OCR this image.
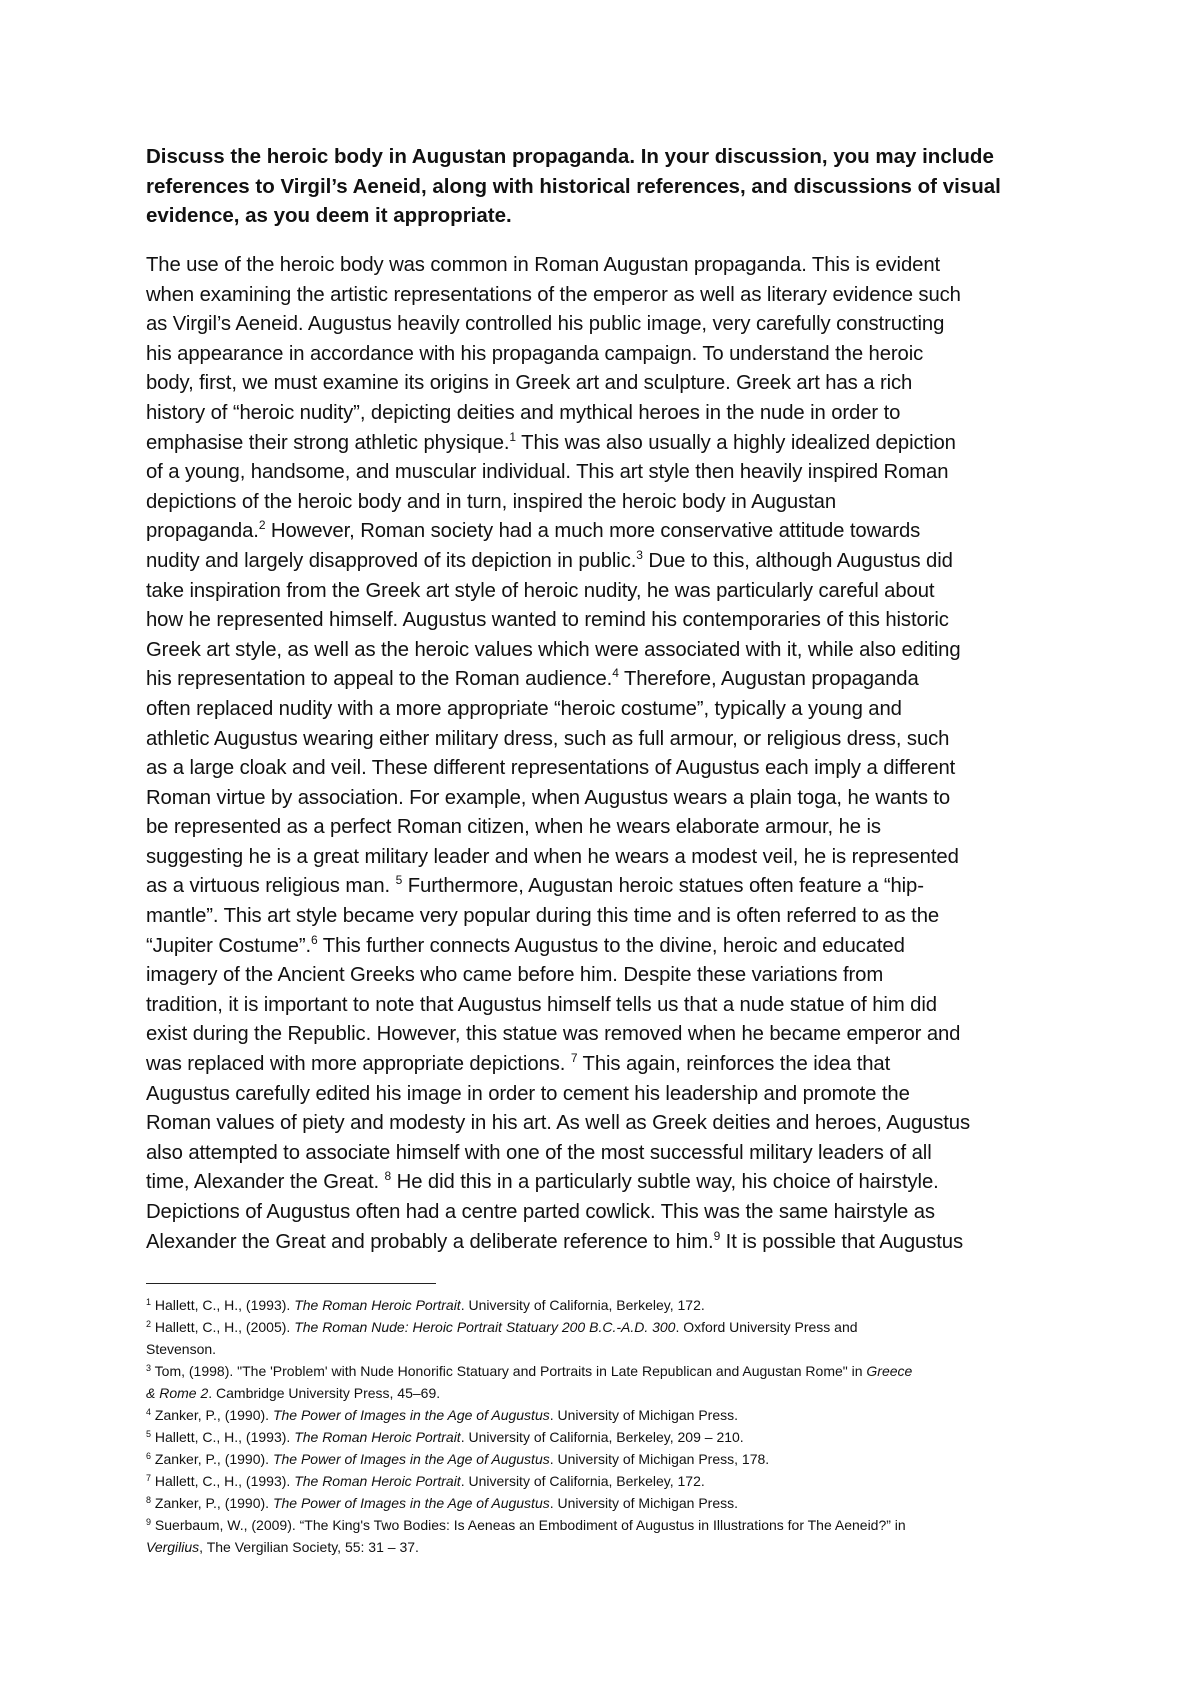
Discuss the heroic body in Augustan propaganda. In your discussion, you may include
references to Virgil’s Aeneid, along with historical references, and discussions of visual
evidence, as you deem it appropriate.

The use of the heroic body was common in Roman Augustan propaganda. This is evident
when examining the artistic representations of the emperor as well as literary evidence such
as Virgil’s Aeneid. Augustus heavily controlled his public image, very carefully constructing
his appearance in accordance with his propaganda campaign. To understand the heroic
body, first, we must examine its origins in Greek art and sculpture. Greek art has a rich
history of “heroic nudity”, depicting deities and mythical heroes in the nude in order to
emphasise their strong athletic physique.$^1$ This was also usually a highly idealized depiction
of a young, handsome, and muscular individual. This art style then heavily inspired Roman
depictions of the heroic body and in turn, inspired the heroic body in Augustan
propaganda.$^2$ However, Roman society had a much more conservative attitude towards
nudity and largely disapproved of its depiction in public.$^3$ Due to this, although Augustus did
take inspiration from the Greek art style of heroic nudity, he was particularly careful about
how he represented himself. Augustus wanted to remind his contemporaries of this historic
Greek art style, as well as the heroic values which were associated with it, while also editing
his representation to appeal to the Roman audience.$^4$ Therefore, Augustan propaganda
often replaced nudity with a more appropriate “heroic costume”, typically a young and
athletic Augustus wearing either military dress, such as full armour, or religious dress, such
as a large cloak and veil. These different representations of Augustus each imply a different
Roman virtue by association. For example, when Augustus wears a plain toga, he wants to
be represented as a perfect Roman citizen, when he wears elaborate armour, he is
suggesting he is a great military leader and when he wears a modest veil, he is represented
as a virtuous religious man. $^5$ Furthermore, Augustan heroic statues often feature a “hip-
mantle”. This art style became very popular during this time and is often referred to as the
“Jupiter Costume”.$^6$ This further connects Augustus to the divine, heroic and educated
imagery of the Ancient Greeks who came before him. Despite these variations from
tradition, it is important to note that Augustus himself tells us that a nude statue of him did
exist during the Republic. However, this statue was removed when he became emperor and
was replaced with more appropriate depictions. $^7$ This again, reinforces the idea that
Augustus carefully edited his image in order to cement his leadership and promote the
Roman values of piety and modesty in his art. As well as Greek deities and heroes, Augustus
also attempted to associate himself with one of the most successful military leaders of all
time, Alexander the Great. $^8$ He did this in a particularly subtle way, his choice of hairstyle.
Depictions of Augustus often had a centre parted cowlick. This was the same hairstyle as
Alexander the Great and probably a deliberate reference to him.$^9$ It is possible that Augustus

$^1$ Hallett, C., H., (1993). The Roman Heroic Portrait. University of California, Berkeley, 172.
$^2$ Hallett, C., H., (2005). The Roman Nude: Heroic Portrait Statuary 200 B.C.-A.D. 300. Oxford University Press and
Stevenson.
$^3$ Tom, (1998). "The 'Problem' with Nude Honorific Statuary and Portraits in Late Republican and Augustan Rome" in Greece
& Rome 2. Cambridge University Press, 45–69.
$^4$ Zanker, P., (1990). The Power of Images in the Age of Augustus. University of Michigan Press.
$^5$ Hallett, C., H., (1993). The Roman Heroic Portrait. University of California, Berkeley, 209 – 210.
$^6$ Zanker, P., (1990). The Power of Images in the Age of Augustus. University of Michigan Press, 178.
$^7$ Hallett, C., H., (1993). The Roman Heroic Portrait. University of California, Berkeley, 172.
$^8$ Zanker, P., (1990). The Power of Images in the Age of Augustus. University of Michigan Press.
$^9$ Suerbaum, W., (2009). “The King's Two Bodies: Is Aeneas an Embodiment of Augustus in Illustrations for The Aeneid?” in
Vergilius, The Vergilian Society, 55: 31 – 37.
